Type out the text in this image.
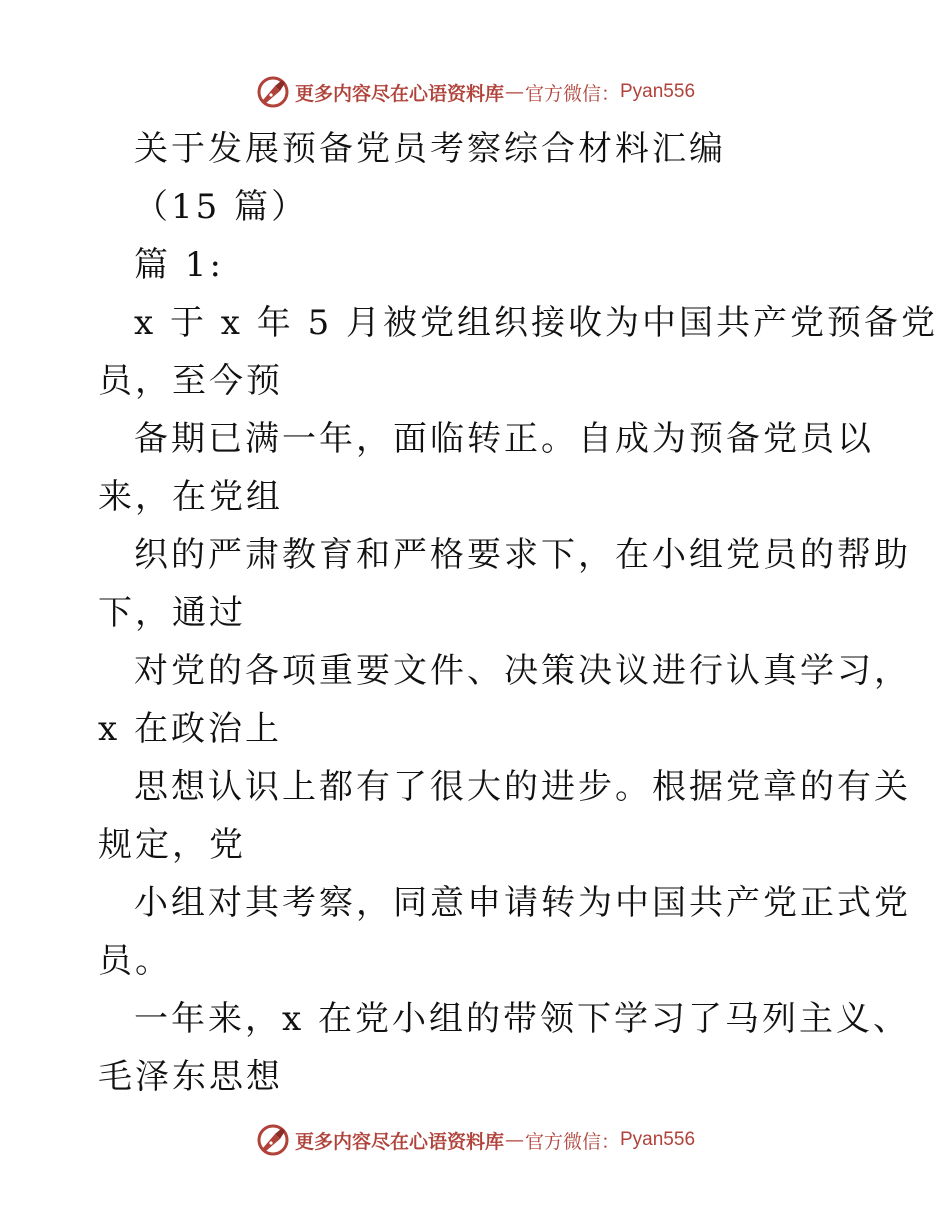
更多内容尽在心语资料库 — 官方微信： Pyan556
关于发展预备党员考察综合材料汇编
（15 篇）
篇 1:
x 于 x 年 5 月被党组织接收为中国共产党预备党
员，至今预
备期已满一年，面临转正。自成为预备党员以
来，在党组
织的严肃教育和严格要求下，在小组党员的帮助
下，通过
对党的各项重要文件、决策决议进行认真学习，
x 在政治上
思想认识上都有了很大的进步。根据党章的有关
规定，党
小组对其考察，同意申请转为中国共产党正式党
员。
一年来，x 在党小组的带领下学习了马列主义、
毛泽东思想
更多内容尽在心语资料库 — 官方微信： Pyan556
